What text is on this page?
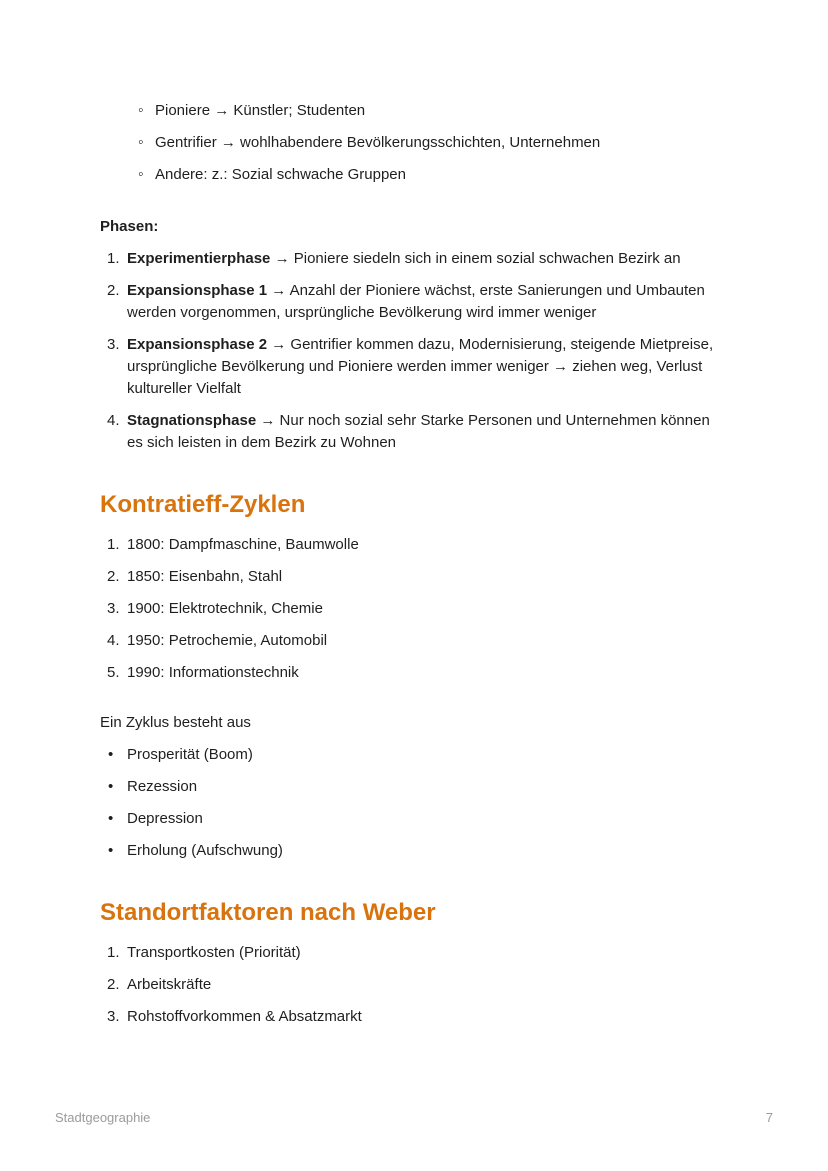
◦ Pioniere → Künstler; Studenten
◦ Gentrifier → wohlhabendere Bevölkerungsschichten, Unternehmen
◦ Andere: z.: Sozial schwache Gruppen

Phasen:

1. Experimentierphase → Pioniere siedeln sich in einem sozial schwachen Bezirk an
2. Expansionsphase 1 → Anzahl der Pioniere wächst, erste Sanierungen und Umbauten werden vorgenommen, ursprüngliche Bevölkerung wird immer weniger
3. Expansionsphase 2 → Gentrifier kommen dazu, Modernisierung, steigende Mietpreise, ursprüngliche Bevölkerung und Pioniere werden immer weniger → ziehen weg, Verlust kultureller Vielfalt
4. Stagnationsphase → Nur noch sozial sehr Starke Personen und Unternehmen können es sich leisten in dem Bezirk zu Wohnen
Kontratieff-Zyklen
1. 1800: Dampfmaschine, Baumwolle
2. 1850: Eisenbahn, Stahl
3. 1900: Elektrotechnik, Chemie
4. 1950: Petrochemie, Automobil
5. 1990: Informationstechnik

Ein Zyklus besteht aus

• Prosperität (Boom)
• Rezession
• Depression
• Erholung (Aufschwung)
Standortfaktoren nach Weber
1. Transportkosten (Priorität)
2. Arbeitskräfte
3. Rohstoffvorkommen & Absatzmarkt
Stadtgeographie	7
